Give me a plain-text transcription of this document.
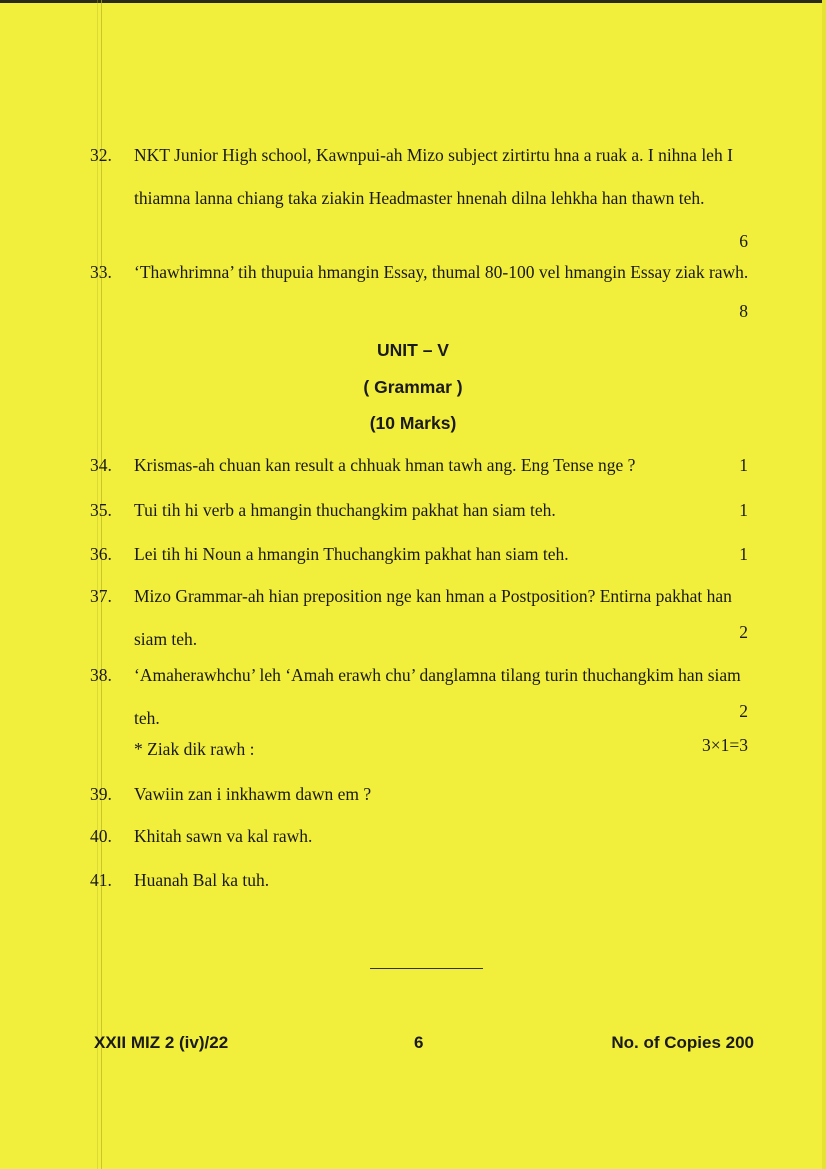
32.	NKT Junior High school, Kawnpui-ah Mizo subject zirtirtu hna a ruak a. I nihna leh I thiamna lanna chiang taka ziakin Headmaster hnenah dilna lehkha han thawn teh.
6
33.	‘Thawhrimna’ tih thupuia hmangin Essay, thumal 80-100 vel hmangin Essay ziak rawh.
8
UNIT – V
( Grammar )
(10 Marks)
34.	Krismas-ah chuan kan result a chhuak hman tawh ang. Eng Tense nge ?	1
35.	Tui tih hi verb a hmangin thuchangkim pakhat han siam teh.	1
36.	Lei tih hi Noun a hmangin Thuchangkim pakhat han siam teh.	1
37.	Mizo Grammar-ah hian preposition nge kan hman a Postposition? Entirna pakhat han siam teh.	2
38.	‘Amaherawhchu’ leh ‘Amah erawh chu’ danglamna tilang turin thuchangkim han siam teh.	2
* Ziak dik rawh :	3×1=3
39.	Vawiin zan i inkhawm dawn em ?
40.	Khitah sawn va kal rawh.
41.	Huanah Bal ka tuh.
XXII MIZ 2 (iv)/22	6	No. of Copies 200
